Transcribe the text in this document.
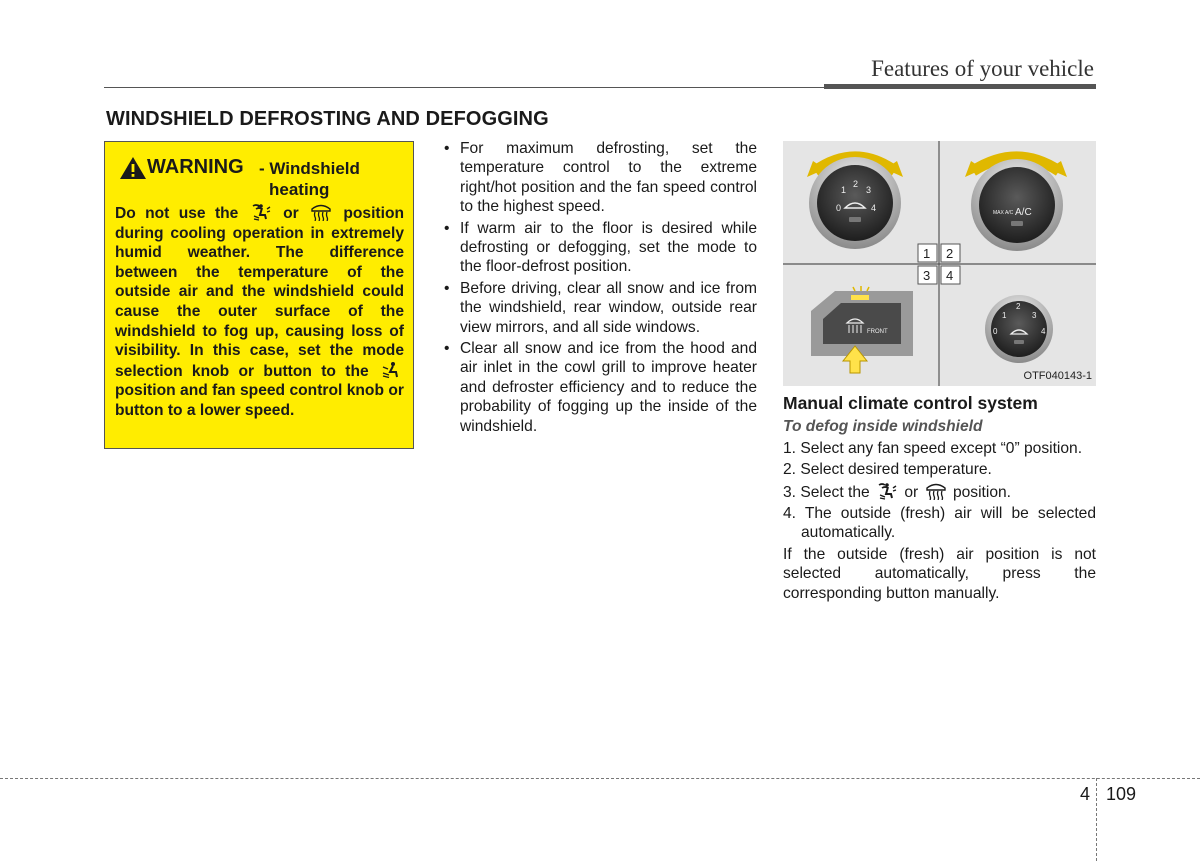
Features of your vehicle
WINDSHIELD DEFROSTING AND DEFOGGING
WARNING - Windshield
heating
Do not use the	or	position during cooling operation in extremely humid weather. The difference between the temperature of the outside air and the windshield could cause the outer surface of the windshield to fog up, causing loss of visibility. In this case, set the mode selection knob or button to the  position and fan speed control knob or button to a lower speed.
• For maximum defrosting, set the temperature control to the extreme right/hot position and the fan speed control to the highest speed.
• If warm air to the floor is desired while defrosting or defogging, set the mode to the floor-defrost position.
• Before driving, clear all snow and ice from the windshield, rear window, outside rear view mirrors, and all side windows.
• Clear all snow and ice from the hood and air inlet in the cowl grill to improve heater and defroster efficiency and to reduce the probability of fogging up the inside of the windshield.
0
1
2
3
4	A/C
MAX A/C
1 2
3 4
FRONT	0
1
2
3
4
OTF040143-1
Manual climate control system
To defog inside windshield
1. Select any fan speed except “0” position.
2. Select desired temperature.
3. Select the or position.
4. The outside (fresh) air will be selected automatically.
If the outside (fresh) air position is not selected automatically, press the corresponding button manually.
4 109
